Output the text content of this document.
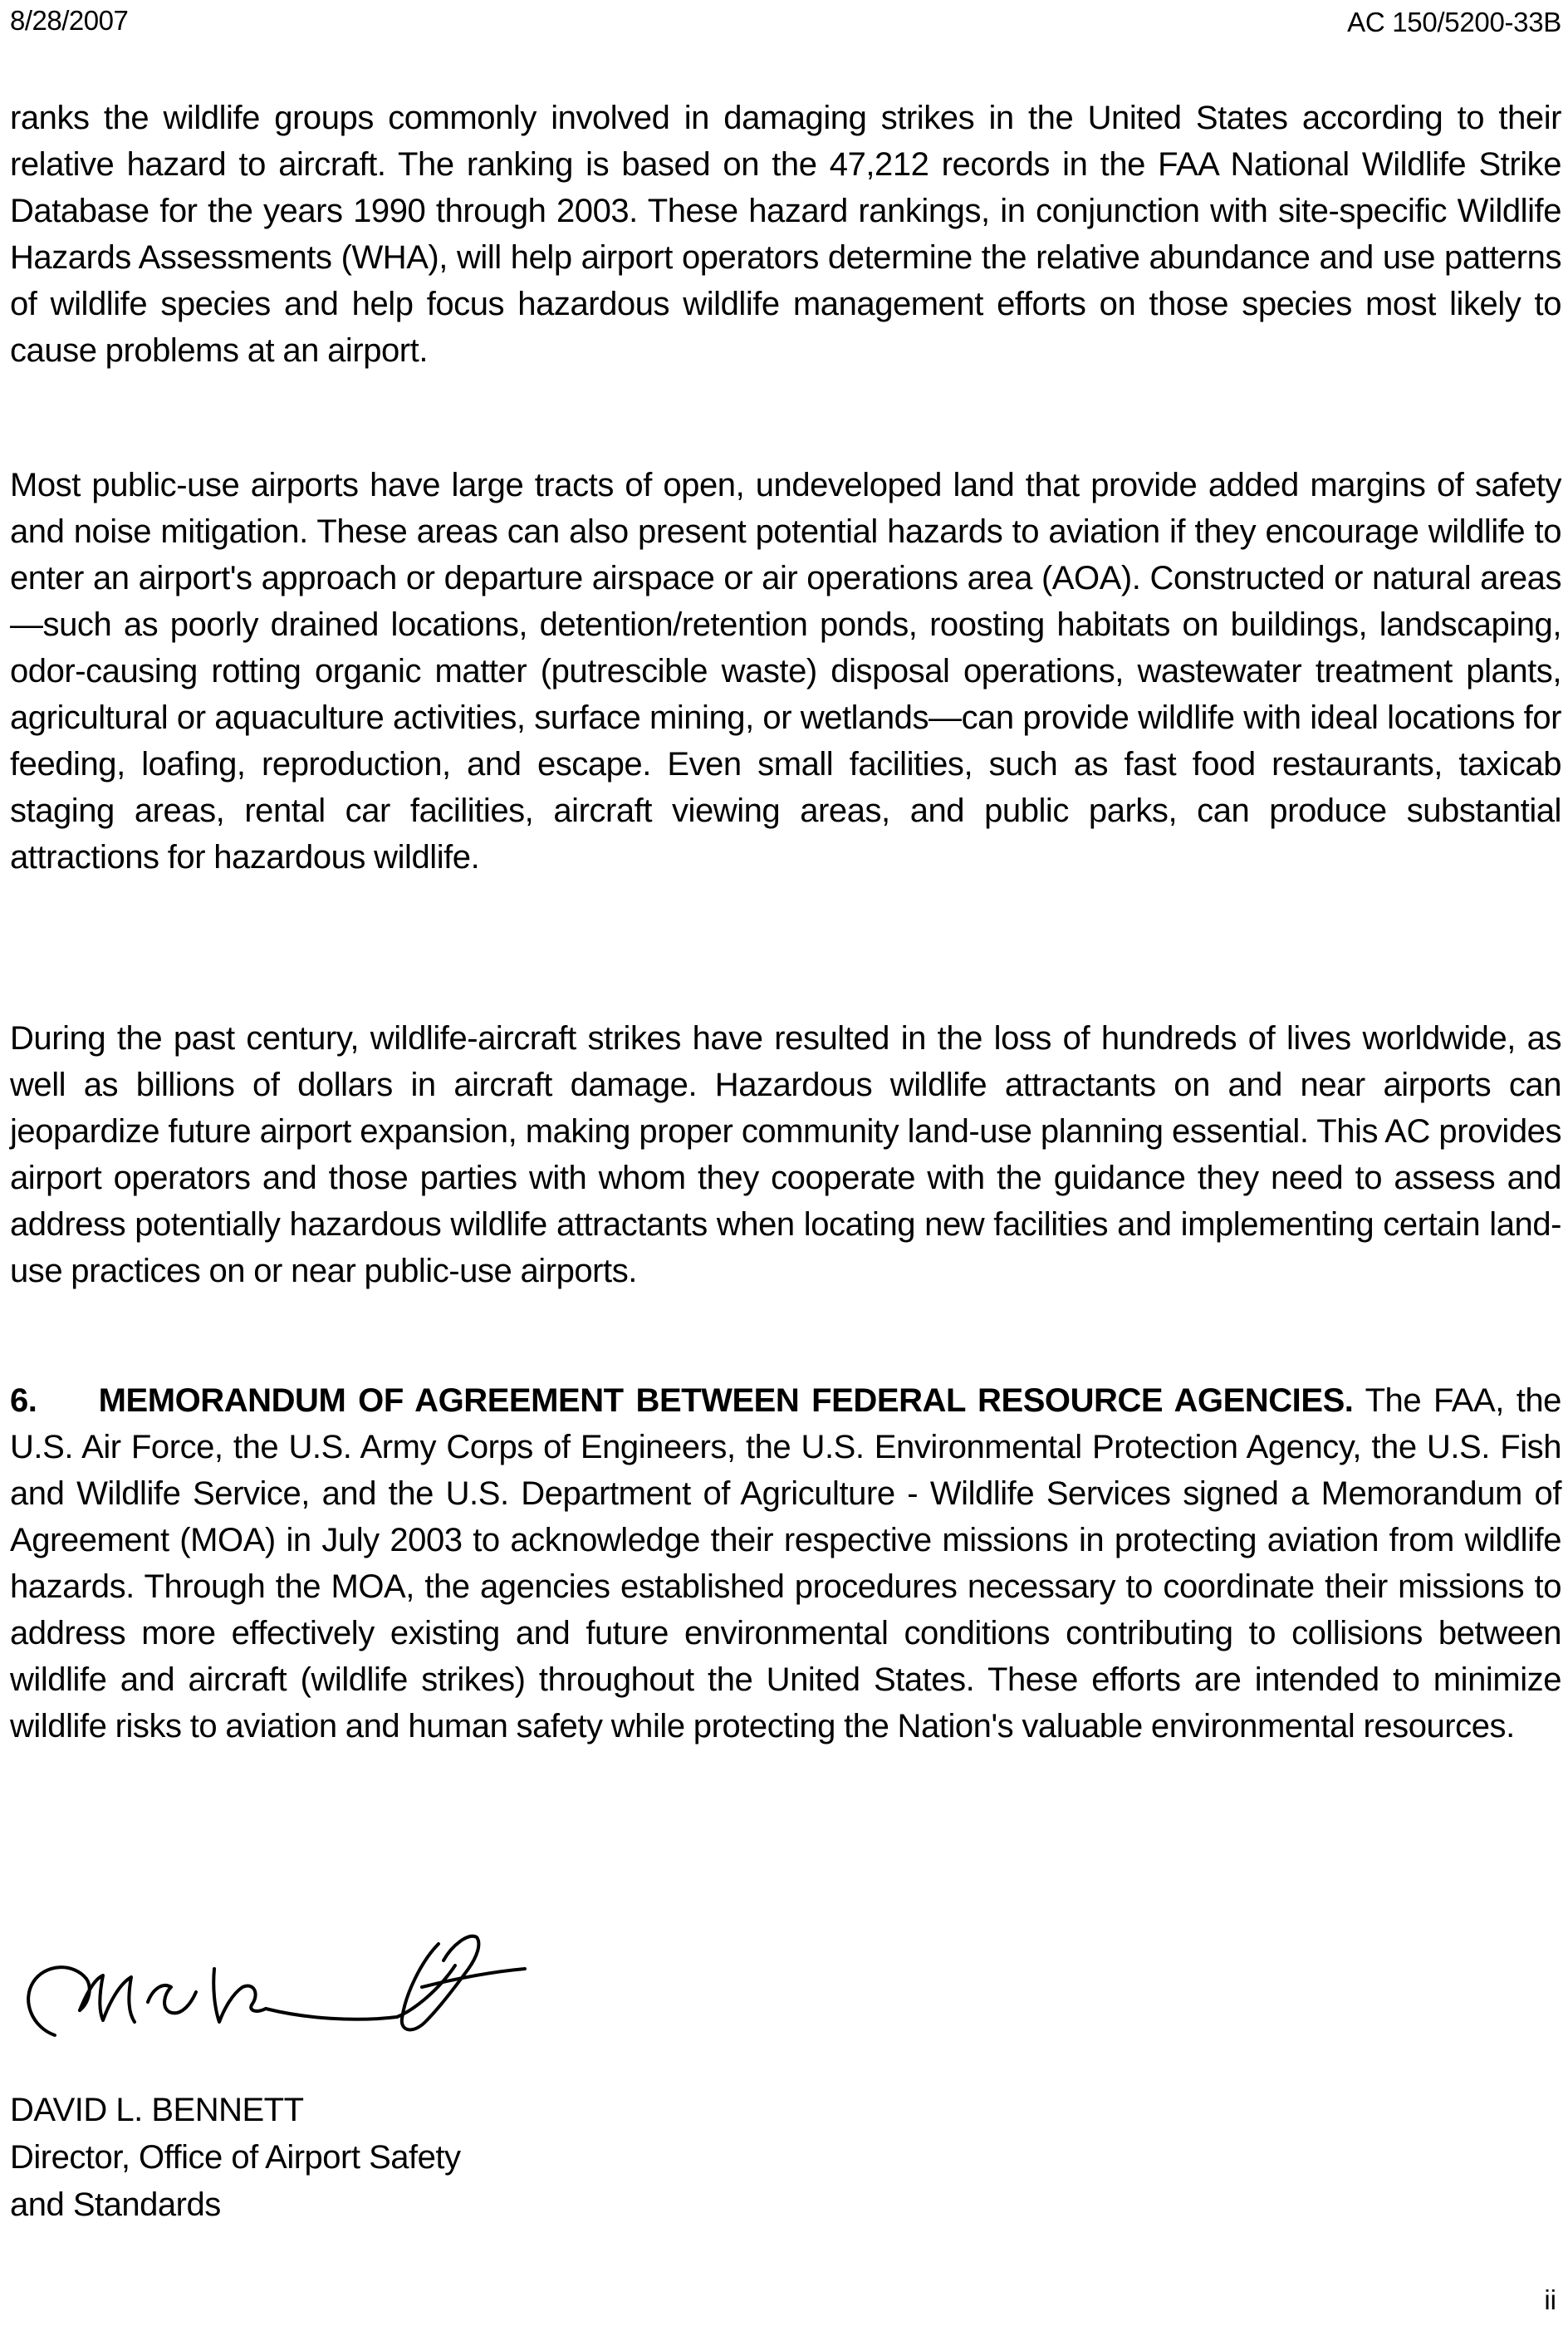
8/28/2007	AC 150/5200-33B

ranks the wildlife groups commonly involved in damaging strikes in the United States according to their relative hazard to aircraft. The ranking is based on the 47,212 records in the FAA National Wildlife Strike Database for the years 1990 through 2003. These hazard rankings, in conjunction with site-specific Wildlife Hazards Assessments (WHA), will help airport operators determine the relative abundance and use patterns of wildlife species and help focus hazardous wildlife management efforts on those species most likely to cause problems at an airport.

Most public-use airports have large tracts of open, undeveloped land that provide added margins of safety and noise mitigation. These areas can also present potential hazards to aviation if they encourage wildlife to enter an airport's approach or departure airspace or air operations area (AOA). Constructed or natural areas—such as poorly drained locations, detention/retention ponds, roosting habitats on buildings, landscaping, odor-causing rotting organic matter (putrescible waste) disposal operations, wastewater treatment plants, agricultural or aquaculture activities, surface mining, or wetlands—can provide wildlife with ideal locations for feeding, loafing, reproduction, and escape. Even small facilities, such as fast food restaurants, taxicab staging areas, rental car facilities, aircraft viewing areas, and public parks, can produce substantial attractions for hazardous wildlife.

During the past century, wildlife-aircraft strikes have resulted in the loss of hundreds of lives worldwide, as well as billions of dollars in aircraft damage. Hazardous wildlife attractants on and near airports can jeopardize future airport expansion, making proper community land-use planning essential. This AC provides airport operators and those parties with whom they cooperate with the guidance they need to assess and address potentially hazardous wildlife attractants when locating new facilities and implementing certain land-use practices on or near public-use airports.

6. MEMORANDUM OF AGREEMENT BETWEEN FEDERAL RESOURCE AGENCIES. The FAA, the U.S. Air Force, the U.S. Army Corps of Engineers, the U.S. Environmental Protection Agency, the U.S. Fish and Wildlife Service, and the U.S. Department of Agriculture - Wildlife Services signed a Memorandum of Agreement (MOA) in July 2003 to acknowledge their respective missions in protecting aviation from wildlife hazards. Through the MOA, the agencies established procedures necessary to coordinate their missions to address more effectively existing and future environmental conditions contributing to collisions between wildlife and aircraft (wildlife strikes) throughout the United States. These efforts are intended to minimize wildlife risks to aviation and human safety while protecting the Nation's valuable environmental resources.

DAVID L. BENNETT
Director, Office of Airport Safety
and Standards
ii
